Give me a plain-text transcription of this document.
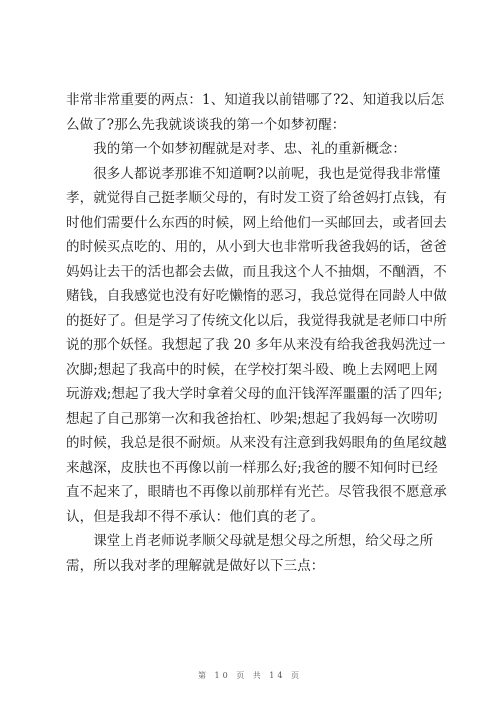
非常非常重要的两点：1、知道我以前错哪了?2、知道我以后怎
么做了?那么先我就谈谈我的第一个如梦初醒：
　　我的第一个如梦初醒就是对孝、忠、礼的重新概念：
　　很多人都说孝那谁不知道啊?以前呢，我也是觉得我非常懂
孝，就觉得自己挺孝顺父母的，有时发工资了给爸妈打点钱，有
时他们需要什么东西的时候，网上给他们一买邮回去，或者回去
的时候买点吃的、用的，从小到大也非常听我爸我妈的话，爸爸
妈妈让去干的活也都会去做，而且我这个人不抽烟，不酗酒，不
赌钱，自我感觉也没有好吃懒惰的恶习，我总觉得在同龄人中做
的挺好了。但是学习了传统文化以后，我觉得我就是老师口中所
说的那个妖怪。我想起了我 20 多年从来没有给我爸我妈洗过一
次脚;想起了我高中的时候，在学校打架斗殴、晚上去网吧上网
玩游戏;想起了我大学时拿着父母的血汗钱浑浑噩噩的活了四年;
想起了自己那第一次和我爸抬杠、吵架;想起了我妈每一次唠叨
的时候，我总是很不耐烦。从来没有注意到我妈眼角的鱼尾纹越
来越深，皮肤也不再像以前一样那么好;我爸的腰不知何时已经
直不起来了，眼睛也不再像以前那样有光芒。尽管我很不愿意承
认，但是我却不得不承认：他们真的老了。
　　课堂上肖老师说孝顺父母就是想父母之所想，给父母之所
需，所以我对孝的理解就是做好以下三点：
第 10 页 共 14 页
